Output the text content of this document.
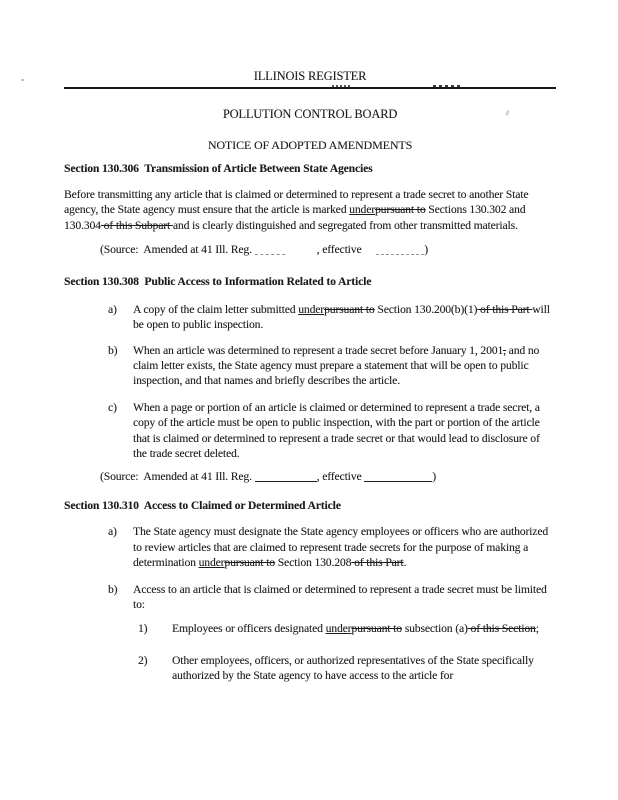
ILLINOIS REGISTER
POLLUTION CONTROL BOARD
NOTICE OF ADOPTED AMENDMENTS
Section 130.306  Transmission of Article Between State Agencies

Before transmitting any article that is claimed or determined to represent a trade secret to another State agency, the State agency must ensure that the article is marked underpursuant to Sections 130.302 and 130.304 of this Subpart and is clearly distinguished and segregated from other transmitted materials.

(Source:  Amended at 41 Ill. Reg.	, effective	)

Section 130.308  Public Access to Information Related to Article
a)	A copy of the claim letter submitted underpursuant to Section 130.200(b)(1) of this Part will be open to public inspection.
b)	When an article was determined to represent a trade secret before January 1, 2001, and no claim letter exists, the State agency must prepare a statement that will be open to public inspection, and that names and briefly describes the article.
c)	When a page or portion of an article is claimed or determined to represent a trade secret, a copy of the article must be open to public inspection, with the part or portion of the article that is claimed or determined to represent a trade secret or that would lead to disclosure of the trade secret deleted.

(Source:  Amended at 41 Ill. Reg.	, effective	)

Section 130.310  Access to Claimed or Determined Article
a)	The State agency must designate the State agency employees or officers who are authorized to review articles that are claimed to represent trade secrets for the purpose of making a determination underpursuant to Section 130.208 of this Part.
b)	Access to an article that is claimed or determined to represent a trade secret must be limited to:
1)	Employees or officers designated underpursuant to subsection (a) of this Section;
2)	Other employees, officers, or authorized representatives of the State specifically authorized by the State agency to have access to the article for
